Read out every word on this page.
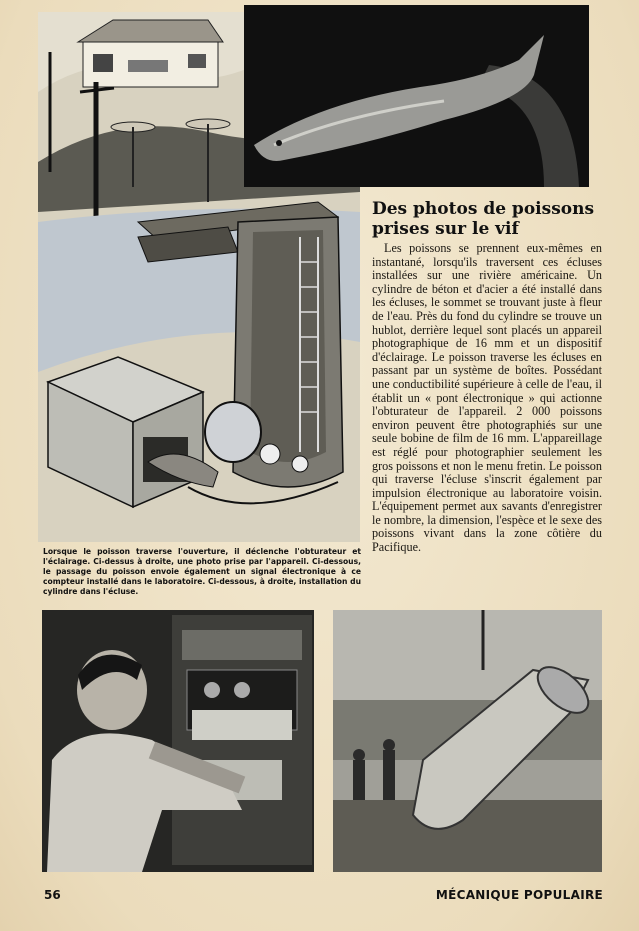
Des photos de poissons prises sur le vif

Les poissons se prennent eux-mêmes en instantané, lorsqu'ils traversent ces écluses installées sur une rivière américaine. Un cylindre de béton et d'acier a été installé dans les écluses, le sommet se trouvant juste à fleur de l'eau. Près du fond du cylindre se trouve un hublot, derrière lequel sont placés un appareil photographique de 16 mm et un dispositif d'éclairage. Le poisson traverse les écluses en passant par un système de boîtes. Possédant une conductibilité supérieure à celle de l'eau, il établit un « pont électronique » qui actionne l'obturateur de l'appareil. 2 000 poissons environ peuvent être photographiés sur une seule bobine de film de 16 mm. L'appareillage est réglé pour photographier seulement les gros poissons et non le menu fretin. Le poisson qui traverse l'écluse s'inscrit également par impulsion électronique au laboratoire voisin. L'équipement permet aux savants d'enregistrer le nombre, la dimension, l'espèce et le sexe des poissons vivant dans la zone côtière du Pacifique.

Lorsque le poisson traverse l'ouverture, il déclenche l'obturateur et l'éclairage. Ci-dessus à droite, une photo prise par l'appareil. Ci-dessous, le passage du poisson envoie également un signal électronique à ce compteur installé dans le laboratoire. Ci-dessous, à droite, installation du cylindre dans l'écluse.

56	MÉCANIQUE POPULAIRE
